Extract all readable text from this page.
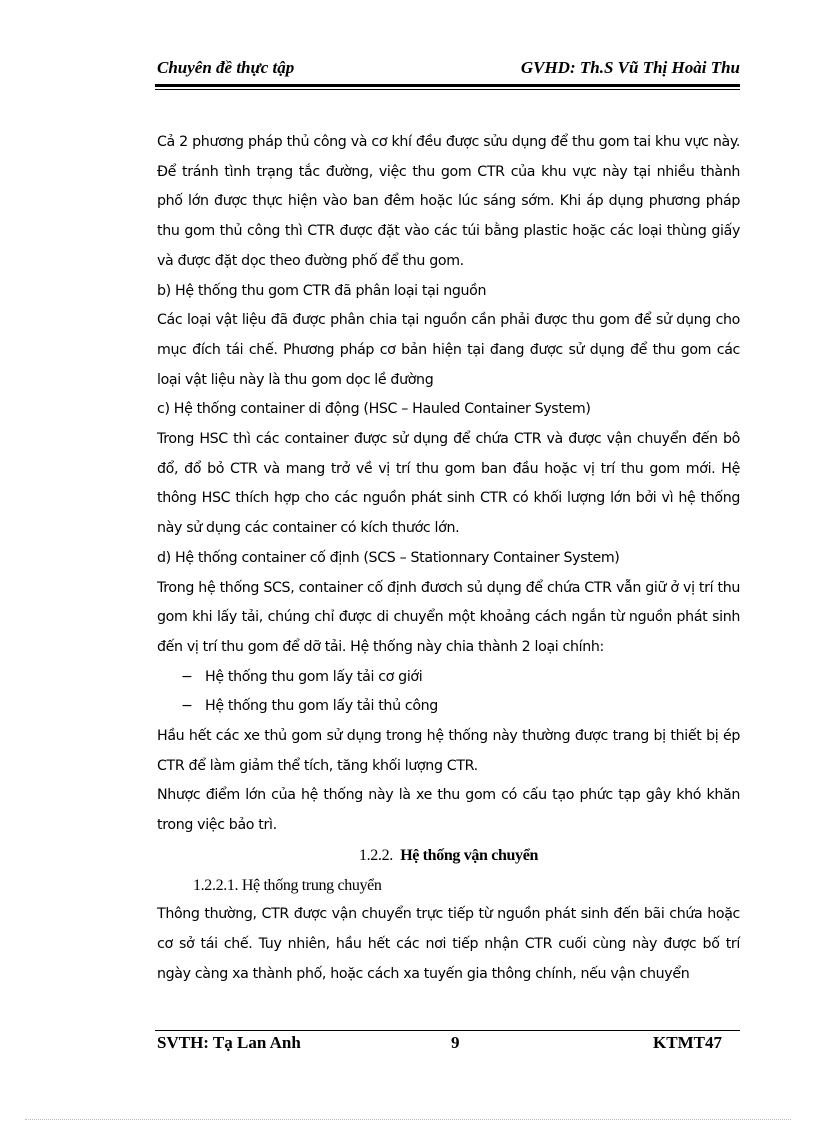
Chuyên đề thực tập	GVHD: Th.S Vũ Thị Hoài Thu

Cả 2 phương pháp thủ công và cơ khí đều được sửu dụng để thu gom tai khu vực này. Để tránh tình trạng tắc đường, việc thu gom CTR của khu vực này tại nhiều thành phố lớn được thực hiện vào ban đêm hoặc lúc sáng sớm. Khi áp dụng phương pháp thu gom thủ công thì CTR được đặt vào các túi bằng plastic hoặc các loại thùng giấy và được đặt dọc theo đường phố để thu gom.

b) Hệ thống thu gom CTR đã phân loại tại nguồn

Các loại vật liệu đã được phân chia tại nguồn cần phải được thu gom để sử dụng cho mục đích tái chế. Phương pháp cơ bản hiện tại đang được sử dụng để thu gom các loại vật liệu này là thu gom dọc lề đường

c) Hệ thống container di động (HSC – Hauled Container System)

Trong HSC thì các container được sử dụng để chứa CTR và được vận chuyển đến bô đổ, đổ bỏ CTR và mang trở về vị trí thu gom ban đầu hoặc vị trí thu gom mới. Hệ thông HSC thích hợp cho các nguồn phát sinh CTR có khối lượng lớn bởi vì hệ thống này sử dụng các container có kích thước lớn.

d) Hệ thống container cố định (SCS – Stationnary Container System)

Trong hệ thống SCS, container cố định đươch sủ dụng để chứa CTR vẫn giữ ở vị trí thu gom khi lấy tải, chúng chỉ được di chuyển một khoảng cách ngắn từ nguồn phát sinh đến vị trí thu gom để dỡ tải. Hệ thống này chia thành 2 loại chính:

− Hệ thống thu gom lấy tải cơ giới

− Hệ thống thu gom lấy tải thủ công

Hầu hết các xe thủ gom sử dụng trong hệ thống này thường được trang bị thiết bị ép CTR để làm giảm thể tích, tăng khối lượng CTR.

Nhược điểm lớn của hệ thống này là xe thu gom có cấu tạo phức tạp gây khó khăn trong việc bảo trì.

1.2.2. Hệ thống vận chuyển

1.2.2.1. Hệ thống trung chuyển

Thông thường, CTR được vận chuyển trực tiếp từ nguồn phát sinh đến bãi chứa hoặc cơ sở tái chế. Tuy nhiên, hầu hết các nơi tiếp nhận CTR cuối cùng này được bố trí ngày càng xa thành phố, hoặc cách xa tuyến gia thông chính, nếu vận chuyển

SVTH: Tạ Lan Anh	9	KTMT47
